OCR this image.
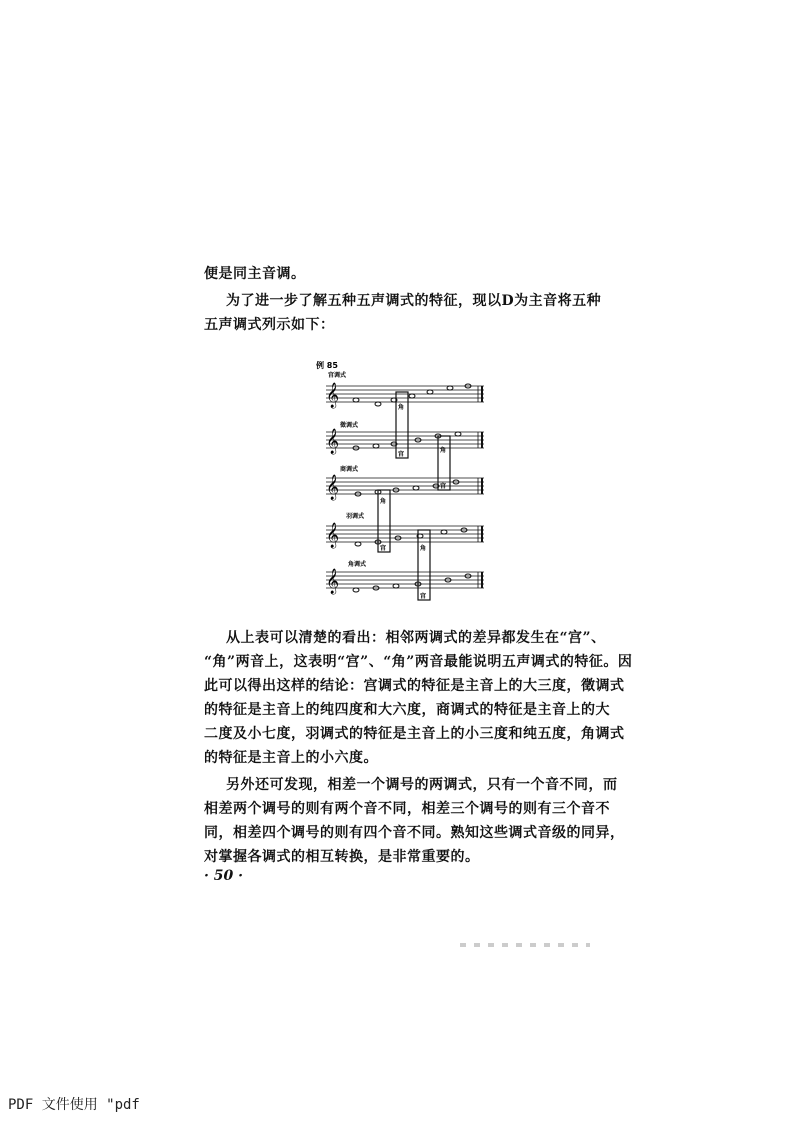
便是同主音调。
为了进一步了解五种五声调式的特征，现以D为主音将五种
五声调式列示如下：
例 85
宫调式
𝄞
徵调式
𝄞
商调式
𝄞
羽调式
𝄞
角调式
𝄞
角
宫
角
宫
角
宫	角
宫
从上表可以清楚的看出：相邻两调式的差异都发生在“宫”、
“角”两音上，这表明“宫”、“角”两音最能说明五声调式的特征。因
此可以得出这样的结论：宫调式的特征是主音上的大三度，徵调式
的特征是主音上的纯四度和大六度，商调式的特征是主音上的大
二度及小七度，羽调式的特征是主音上的小三度和纯五度，角调式
的特征是主音上的小六度。
另外还可发现，相差一个调号的两调式，只有一个音不同，而
相差两个调号的则有两个音不同，相差三个调号的则有三个音不
同，相差四个调号的则有四个音不同。熟知这些调式音级的同异，
对掌握各调式的相互转换，是非常重要的。
· 50 ·
PDF 文件使用 "pdf
